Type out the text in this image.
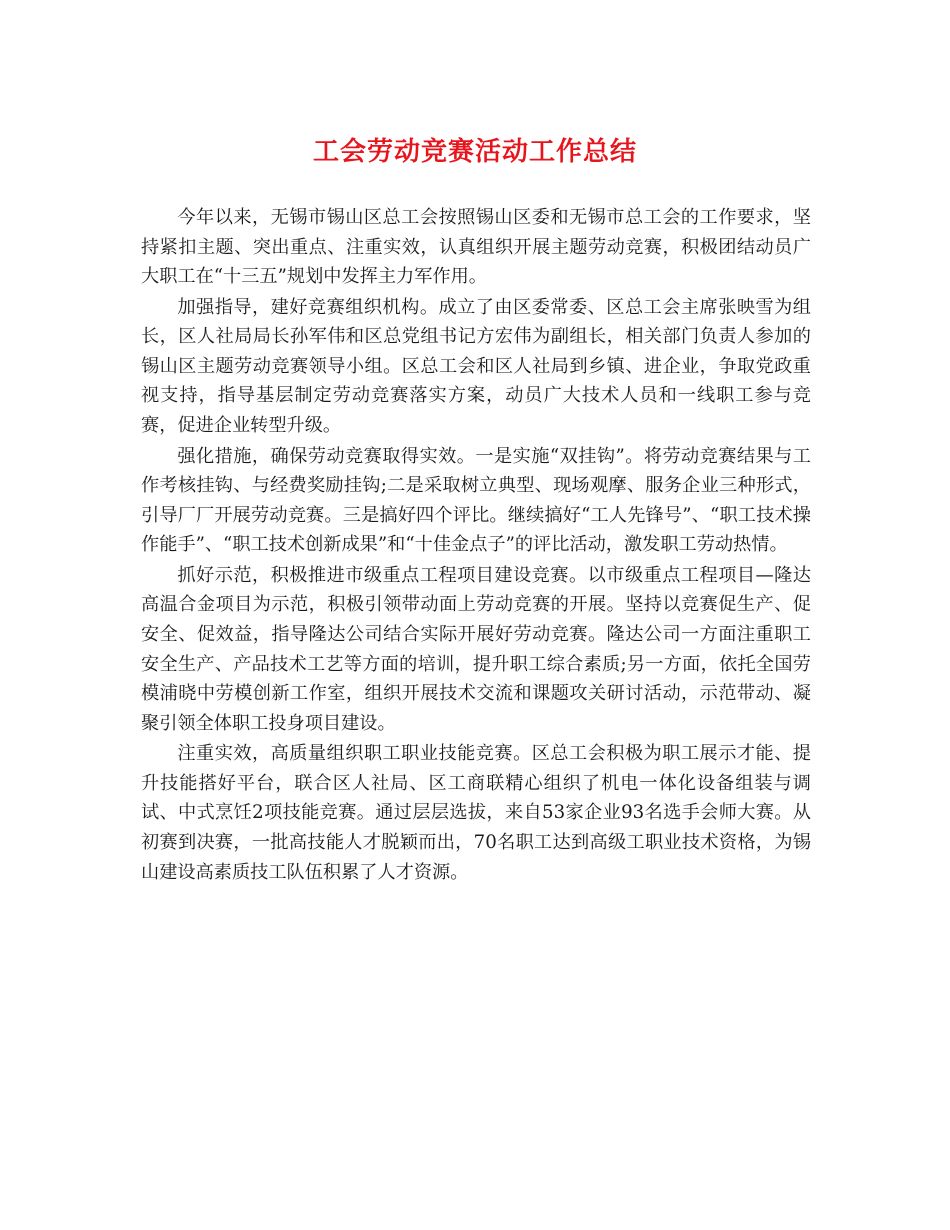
工会劳动竞赛活动工作总结

今年以来，无锡市锡山区总工会按照锡山区委和无锡市总工会的工作要求，坚持紧扣主题、突出重点、注重实效，认真组织开展主题劳动竞赛，积极团结动员广大职工在“十三五”规划中发挥主力军作用。

加强指导，建好竞赛组织机构。成立了由区委常委、区总工会主席张映雪为组长，区人社局局长孙军伟和区总党组书记方宏伟为副组长，相关部门负责人参加的锡山区主题劳动竞赛领导小组。区总工会和区人社局到乡镇、进企业，争取党政重视支持，指导基层制定劳动竞赛落实方案，动员广大技术人员和一线职工参与竞赛，促进企业转型升级。

强化措施，确保劳动竞赛取得实效。一是实施“双挂钩”。将劳动竞赛结果与工作考核挂钩、与经费奖励挂钩;二是采取树立典型、现场观摩、服务企业三种形式，引导厂厂开展劳动竞赛。三是搞好四个评比。继续搞好“工人先锋号”、“职工技术操作能手”、“职工技术创新成果”和“十佳金点子”的评比活动，激发职工劳动热情。

抓好示范，积极推进市级重点工程项目建设竞赛。以市级重点工程项目—隆达高温合金项目为示范，积极引领带动面上劳动竞赛的开展。坚持以竞赛促生产、促安全、促效益，指导隆达公司结合实际开展好劳动竞赛。隆达公司一方面注重职工安全生产、产品技术工艺等方面的培训，提升职工综合素质;另一方面，依托全国劳模浦晓中劳模创新工作室，组织开展技术交流和课题攻关研讨活动，示范带动、凝聚引领全体职工投身项目建设。

注重实效，高质量组织职工职业技能竞赛。区总工会积极为职工展示才能、提升技能搭好平台，联合区人社局、区工商联精心组织了机电一体化设备组装与调试、中式烹饪2项技能竞赛。通过层层选拔，来自53家企业93名选手会师大赛。从初赛到决赛，一批高技能人才脱颖而出，70名职工达到高级工职业技术资格，为锡山建设高素质技工队伍积累了人才资源。
